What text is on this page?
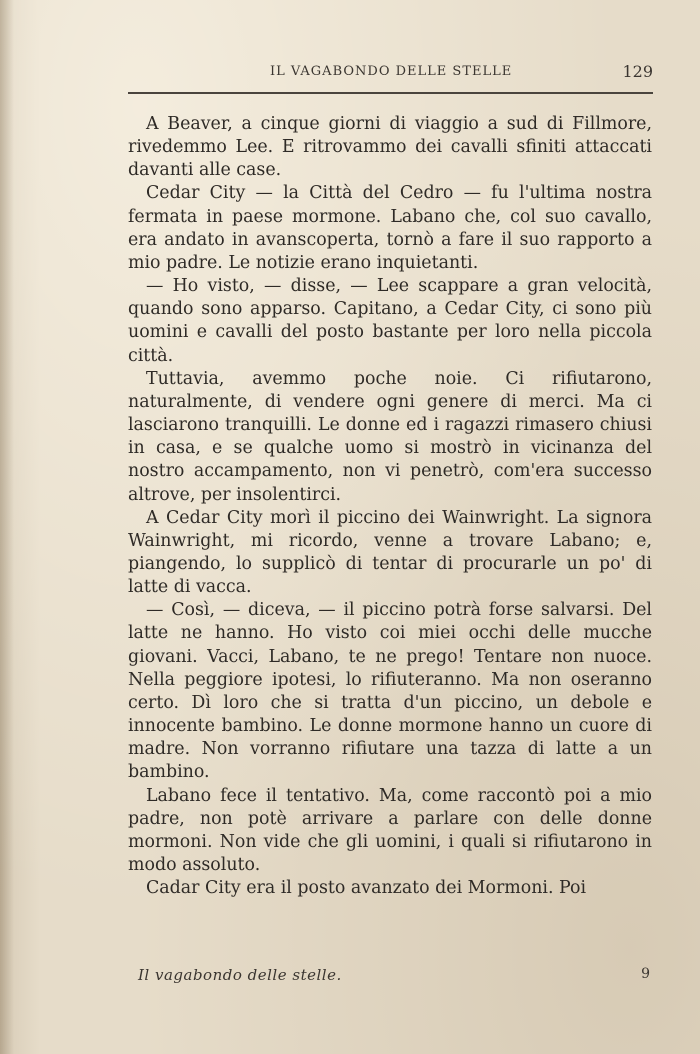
IL VAGABONDO DELLE STELLE	129

A Beaver, a cinque giorni di viaggio a sud di Fillmore, rivedemmo Lee. E ritrovammo dei cavalli sfiniti attaccati davanti alle case.

Cedar City — la Città del Cedro — fu l'ultima nostra fermata in paese mormone. Labano che, col suo cavallo, era andato in avanscoperta, tornò a fare il suo rapporto a mio padre. Le notizie erano inquietanti.

— Ho visto, — disse, — Lee scappare a gran velocità, quando sono apparso. Capitano, a Cedar City, ci sono più uomini e cavalli del posto bastante per loro nella piccola città.

Tuttavia, avemmo poche noie. Ci rifiutarono, naturalmente, di vendere ogni genere di merci. Ma ci lasciarono tranquilli. Le donne ed i ragazzi rimasero chiusi in casa, e se qualche uomo si mostrò in vicinanza del nostro accampamento, non vi penetrò, com'era successo altrove, per insolentirci.

A Cedar City morì il piccino dei Wainwright. La signora Wainwright, mi ricordo, venne a trovare Labano; e, piangendo, lo supplicò di tentar di procurarle un po' di latte di vacca.

— Così, — diceva, — il piccino potrà forse salvarsi. Del latte ne hanno. Ho visto coi miei occhi delle mucche giovani. Vacci, Labano, te ne prego! Tentare non nuoce. Nella peggiore ipotesi, lo rifiuteranno. Ma non oseranno certo. Dì loro che si tratta d'un piccino, un debole e innocente bambino. Le donne mormone hanno un cuore di madre. Non vorranno rifiutare una tazza di latte a un bambino.

Labano fece il tentativo. Ma, come raccontò poi a mio padre, non potè arrivare a parlare con delle donne mormoni. Non vide che gli uomini, i quali si rifiutarono in modo assoluto.

Cadar City era il posto avanzato dei Mormoni. Poi

Il vagabondo delle stelle.	9
